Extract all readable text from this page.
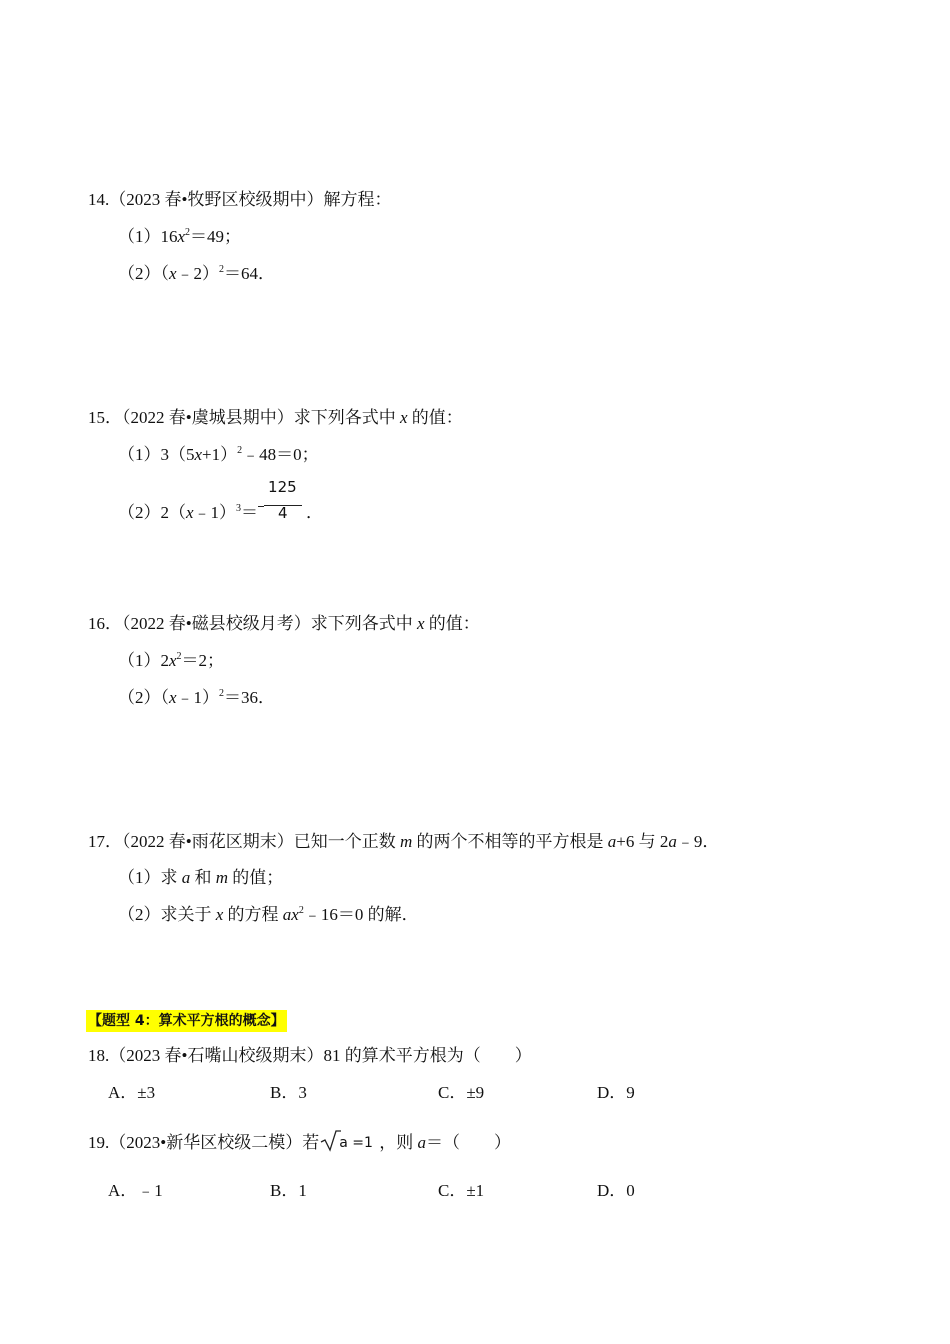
14.（2023 春•牧野区校级期中）解方程：
$(1)16x^2=49$；
（2）（x﹣2）$^2$＝64．
15．（2022 春•虞城县期中）求下列各式中 x 的值：
$(1)3(5x+1)^2﹣48=0$；
（2）2（x﹣1）$^3$＝ $\frac{125}{4}$ ．
16．（2022 春•磁县校级月考）求下列各式中 x 的值：
$(1)2x^2=2$；
（2）（x﹣1）$^2$＝36．
17．（2022 春•雨花区期末）已知一个正数 m 的两个不相等的平方根是 a+6 与 2a﹣9．
（1）求 a 和 m 的值；
（2）求关于 x 的方程 $ax^2﹣16=0$ 的解．
【题型 4：算术平方根的概念】
18.（2023 春•石嘴山校级期末）81 的算术平方根为（　　）
A．±3	B．3	C．±9	D．9
19.（2023•新华区校级二模）若 a =1 ，则 a＝（　　）
A．﹣1	B．1	C．±1	D．0
